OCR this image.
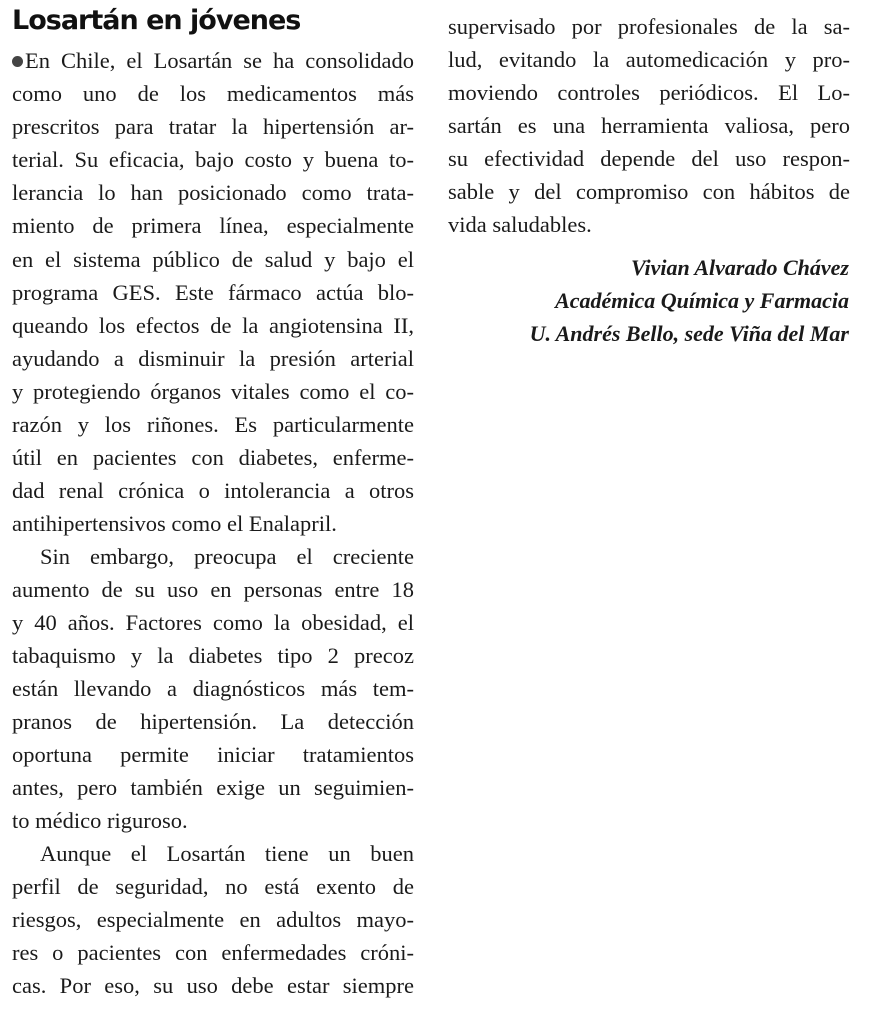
Losartán en jóvenes
En Chile, el Losartán se ha consolidado
como uno de los medicamentos más
prescritos para tratar la hipertensión ar-
terial. Su eficacia, bajo costo y buena to-
lerancia lo han posicionado como trata-
miento de primera línea, especialmente
en el sistema público de salud y bajo el
programa GES. Este fármaco actúa blo-
queando los efectos de la angiotensina II,
ayudando a disminuir la presión arterial
y protegiendo órganos vitales como el co-
razón y los riñones. Es particularmente
útil en pacientes con diabetes, enferme-
dad renal crónica o intolerancia a otros
antihipertensivos como el Enalapril.
Sin embargo, preocupa el creciente
aumento de su uso en personas entre 18
y 40 años. Factores como la obesidad, el
tabaquismo y la diabetes tipo 2 precoz
están llevando a diagnósticos más tem-
pranos de hipertensión. La detección
oportuna permite iniciar tratamientos
antes, pero también exige un seguimien-
to médico riguroso.
Aunque el Losartán tiene un buen
perfil de seguridad, no está exento de
riesgos, especialmente en adultos mayo-
res o pacientes con enfermedades cróni-
cas. Por eso, su uso debe estar siempre
supervisado por profesionales de la sa-
lud, evitando la automedicación y pro-
moviendo controles periódicos. El Lo-
sartán es una herramienta valiosa, pero
su efectividad depende del uso respon-
sable y del compromiso con hábitos de
vida saludables.
Vivian Alvarado Chávez
Académica Química y Farmacia
U. Andrés Bello, sede Viña del Mar
